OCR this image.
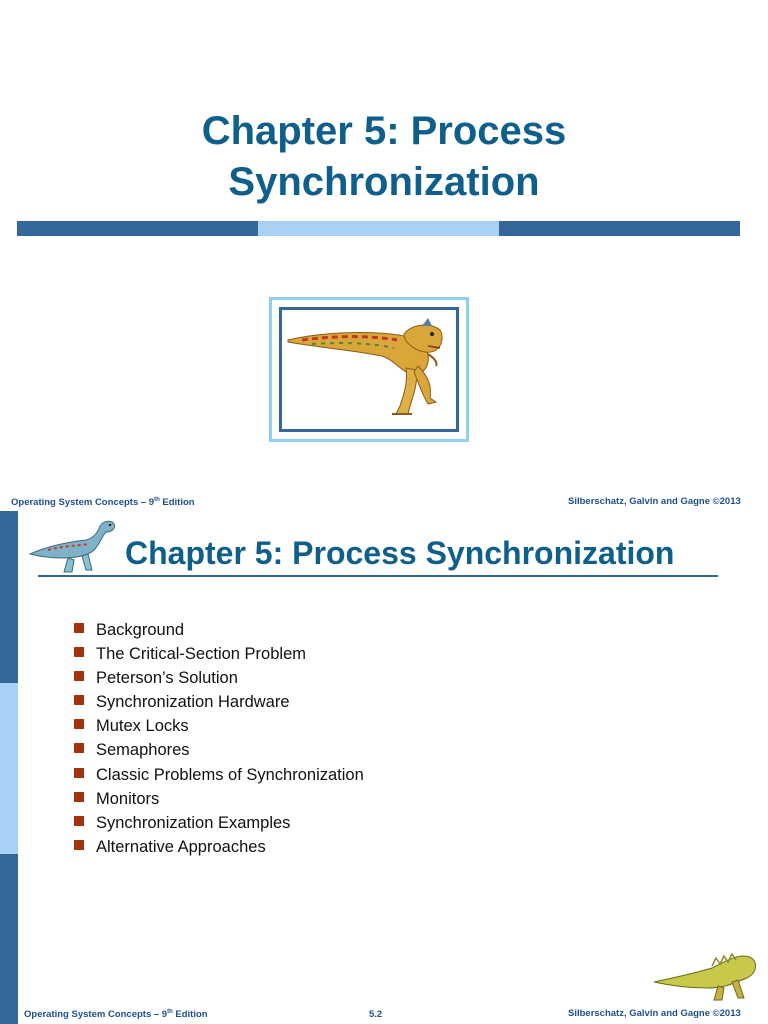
Chapter 5: Process
Synchronization
Operating System Concepts – 9th Edition	Silberschatz, Galvin and Gagne ©2013
Chapter 5: Process Synchronization
Background
The Critical-Section Problem
Peterson’s Solution
Synchronization Hardware
Mutex Locks
Semaphores
Classic Problems of Synchronization
Monitors
Synchronization Examples
Alternative Approaches
Operating System Concepts – 9th Edition	5.2	Silberschatz, Galvin and Gagne ©2013
